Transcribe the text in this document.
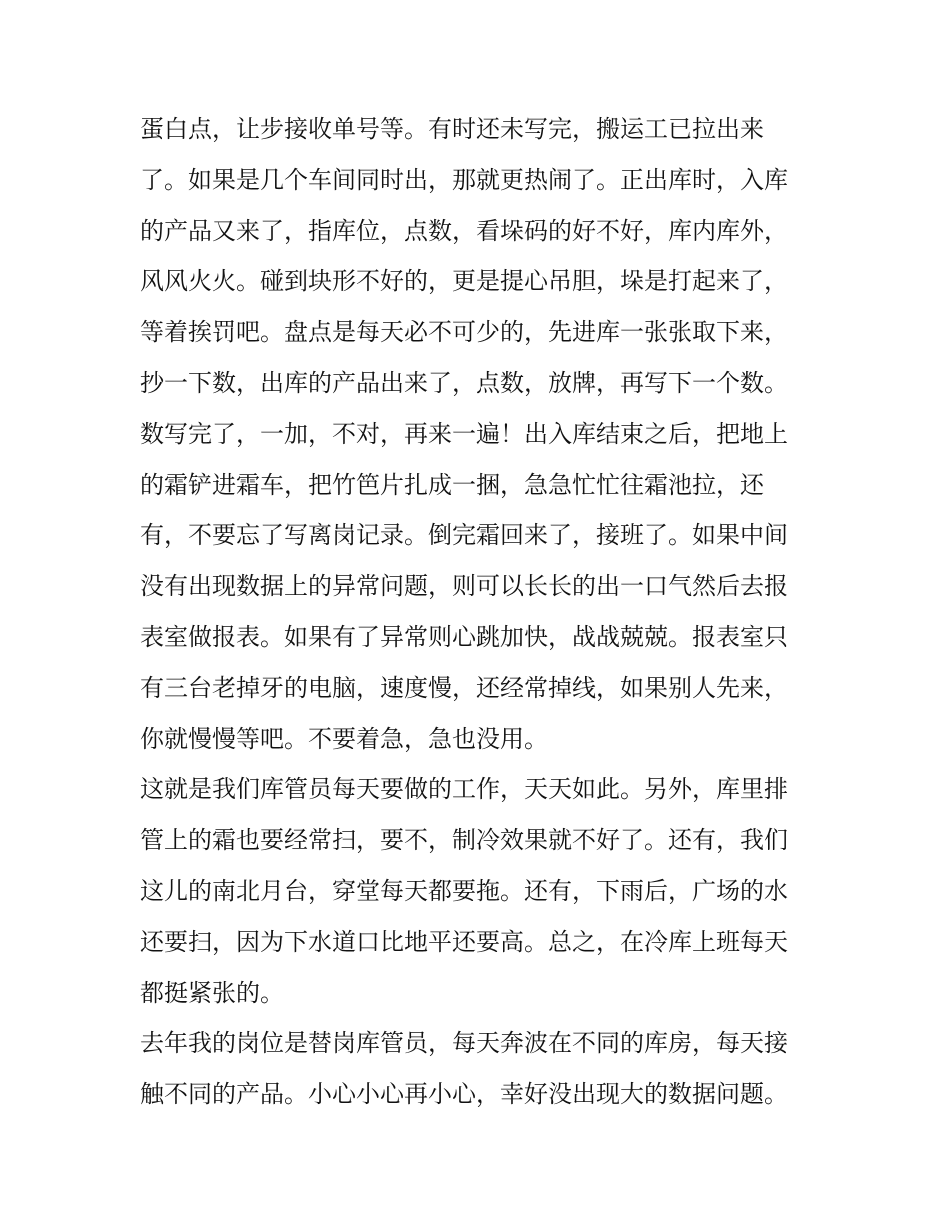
蛋白点，让步接收单号等。有时还未写完，搬运工已拉出来
了。如果是几个车间同时出，那就更热闹了。正出库时，入库
的产品又来了，指库位，点数，看垛码的好不好，库内库外，
风风火火。碰到块形不好的，更是提心吊胆，垛是打起来了，
等着挨罚吧。盘点是每天必不可少的，先进库一张张取下来，
抄一下数，出库的产品出来了，点数，放牌，再写下一个数。
数写完了，一加，不对，再来一遍！出入库结束之后，把地上
的霜铲进霜车，把竹笆片扎成一捆，急急忙忙往霜池拉，还
有，不要忘了写离岗记录。倒完霜回来了，接班了。如果中间
没有出现数据上的异常问题，则可以长长的出一口气然后去报
表室做报表。如果有了异常则心跳加快，战战兢兢。报表室只
有三台老掉牙的电脑，速度慢，还经常掉线，如果别人先来，
你就慢慢等吧。不要着急，急也没用。
这就是我们库管员每天要做的工作，天天如此。另外，库里排
管上的霜也要经常扫，要不，制冷效果就不好了。还有，我们
这儿的南北月台，穿堂每天都要拖。还有，下雨后，广场的水
还要扫，因为下水道口比地平还要高。总之，在冷库上班每天
都挺紧张的。
去年我的岗位是替岗库管员，每天奔波在不同的库房，每天接
触不同的产品。小心小心再小心，幸好没出现大的数据问题。
